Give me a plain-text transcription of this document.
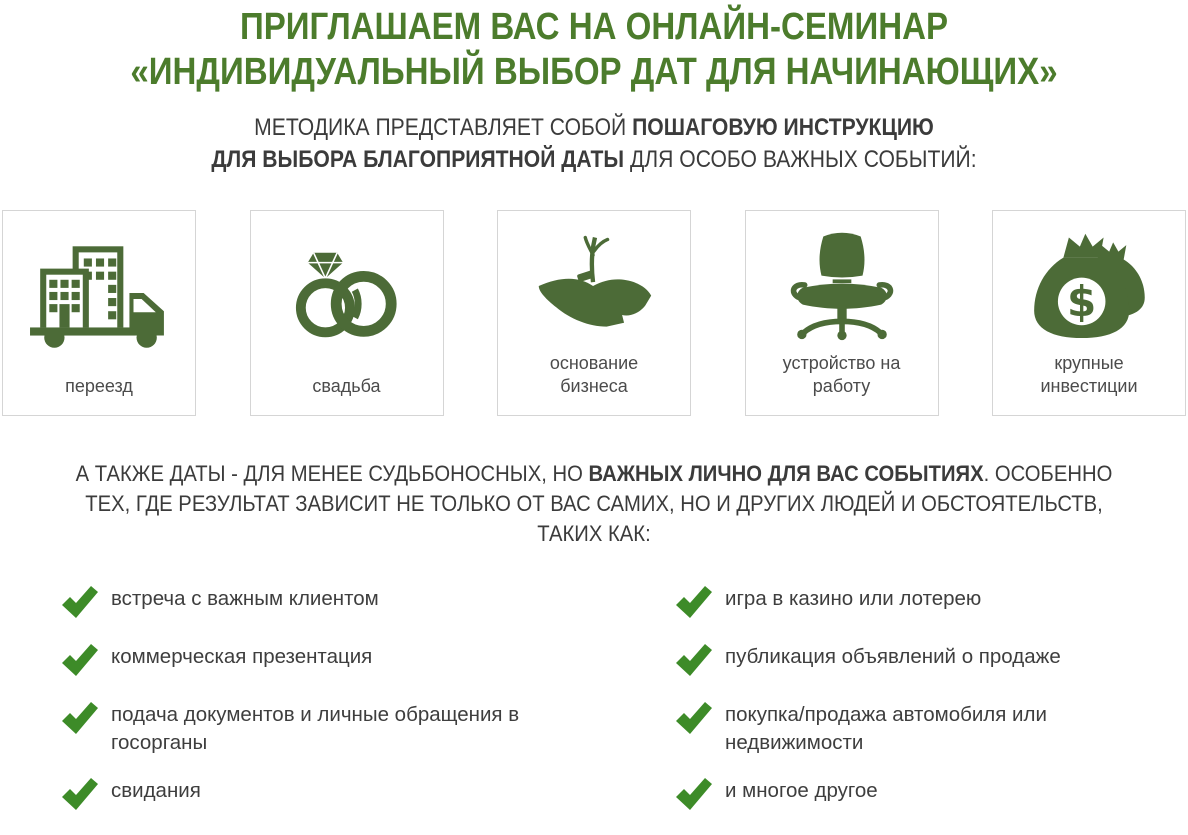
ПРИГЛАШАЕМ ВАС НА ОНЛАЙН-СЕМИНАР
«ИНДИВИДУАЛЬНЫЙ ВЫБОР ДАТ ДЛЯ НАЧИНАЮЩИХ»
МЕТОДИКА ПРЕДСТАВЛЯЕТ СОБОЙ ПОШАГОВУЮ ИНСТРУКЦИЮ
ДЛЯ ВЫБОРА БЛАГОПРИЯТНОЙ ДАТЫ ДЛЯ ОСОБО ВАЖНЫХ СОБЫТИЙ:
переезд	свадьба
основание бизнеса
устройство на работу
$
крупные инвестиции
А ТАКЖЕ ДАТЫ - ДЛЯ МЕНЕЕ СУДЬБОНОСНЫХ, НО ВАЖНЫХ ЛИЧНО ДЛЯ ВАС СОБЫТИЯХ. ОСОБЕННО ТЕХ, ГДЕ РЕЗУЛЬТАТ ЗАВИСИТ НЕ ТОЛЬКО ОТ ВАС САМИХ, НО И ДРУГИХ ЛЮДЕЙ И ОБСТОЯТЕЛЬСТВ, ТАКИХ КАК:
встреча с важным клиентом
коммерческая презентация
подача документов и личные обращения в госорганы
свидания
игра в казино или лотерею
публикация объявлений о продаже
покупка/продажа автомобиля или недвижимости
и многое другое
